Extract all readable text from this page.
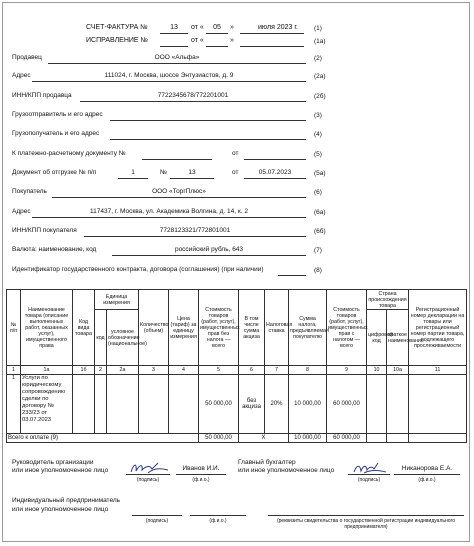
СЧЕТ-ФАКТУРА №	13	от «	05	»	июля 2023 г. (1)
ИСПРАВЛЕНИЕ №	от «	»	(1а)
Продавец	ООО «Альфа»	(2)
Адрес	111024, г. Москва, шоссе Энтузиастов, д. 9	(2а)
ИНН/КПП продавца	7722345678/772201001	(2б)
Грузоотправитель и его адрес	(3)
Грузополучатель и его адрес	(4)
К платежно-расчетному документу №	от	(5)
Документ об отгрузке № п/п	1	№	13	от	05.07.2023	(5а)
Покупатель	ООО «ТоргПлюс»	(6)
Адрес	117437, г. Москва, ул. Академика Волгина, д. 14, к. 2	(6а)
ИНН/КПП покупателя	7728123321/772801001	(6б)
Валюта: наименование, код	российский рубль, 643	(7)
Идентификатор государственного контракта, договора (соглашения) (при наличии)	(8)
№ п/п	Наименование товара (описание выполненных работ, оказанных услуг), имущественного права	Код вида товара	Единица измерения		Количество (объем)	Цена (тариф) за единицу измерения	Стоимость товаров (работ, услуг), имущественных прав без налога — всего	В том числе сумма акциза	Налоговая ставка	Сумма налога, предъявляемая покупателю	Стоимость товаров (работ, услуг), имущественных прав с налогом — всего	Страна происхождения товара		Регистрационный номер декларации на товары или регистрационный номер партии товара, подлежащего прослеживаемости
			код	условное обозначение (национальное)								цифровой код	краткое наименование	
1	1а	1б	2	2а	3	4	5	6	7	8	9	10	10а	11
1	Услуги по юридическому сопровождению сделки по договору № 233/23 от 03.07.2023						50 000,00	без акциза	20%	10 000,00	60 000,00			
Всего к оплате (9)							50 000,00	X		10 000,00	60 000,00			
Руководитель организации
или иное уполномоченное лицо
(подпись)
Иванов И.И.
(ф.и.о.)
Главный бухгалтер
или иное уполномоченное лицо
(подпись)
Никанорова Е.А.
(ф.и.о.)
Индивидуальный предприниматель
или иное уполномоченное лицо
(подпись)	(ф.и.о.)	(реквизиты свидетельства о государственной регистрации индивидуального предпринимателя)
